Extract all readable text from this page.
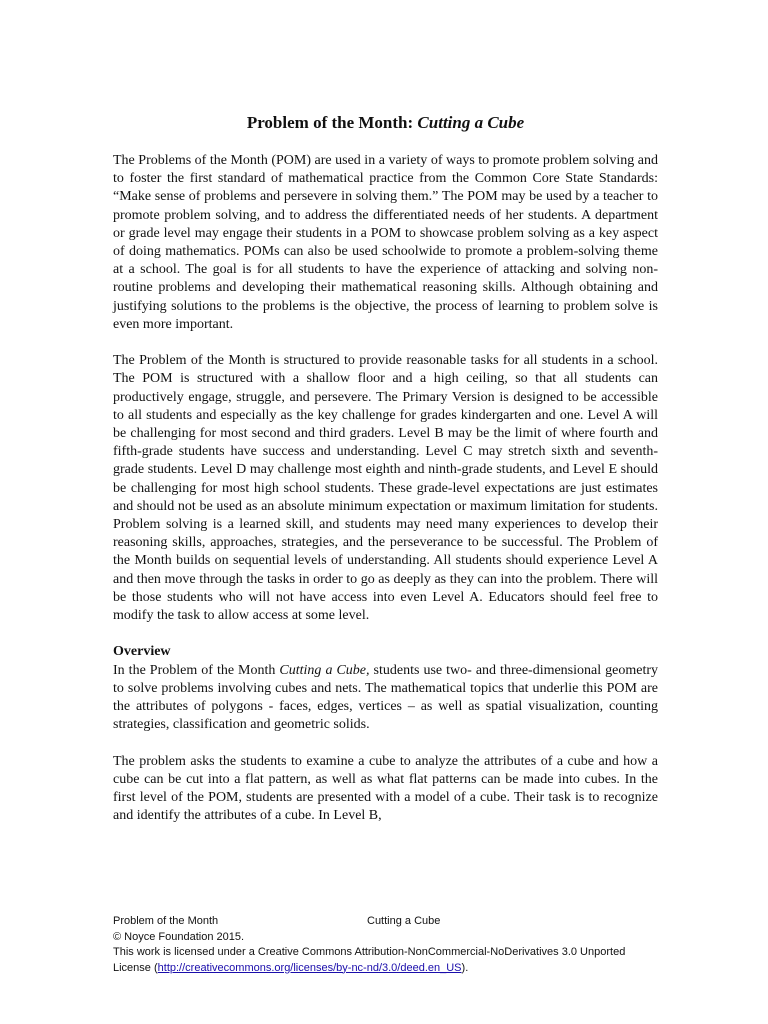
Problem of the Month: Cutting a Cube

The Problems of the Month (POM) are used in a variety of ways to promote problem solving and to foster the first standard of mathematical practice from the Common Core State Standards: “Make sense of problems and persevere in solving them.” The POM may be used by a teacher to promote problem solving, and to address the differentiated needs of her students. A department or grade level may engage their students in a POM to showcase problem solving as a key aspect of doing mathematics. POMs can also be used schoolwide to promote a problem-solving theme at a school. The goal is for all students to have the experience of attacking and solving non-routine problems and developing their mathematical reasoning skills. Although obtaining and justifying solutions to the problems is the objective, the process of learning to problem solve is even more important.

The Problem of the Month is structured to provide reasonable tasks for all students in a school. The POM is structured with a shallow floor and a high ceiling, so that all students can productively engage, struggle, and persevere. The Primary Version is designed to be accessible to all students and especially as the key challenge for grades kindergarten and one. Level A will be challenging for most second and third graders. Level B may be the limit of where fourth and fifth-grade students have success and understanding. Level C may stretch sixth and seventh-grade students. Level D may challenge most eighth and ninth-grade students, and Level E should be challenging for most high school students. These grade-level expectations are just estimates and should not be used as an absolute minimum expectation or maximum limitation for students. Problem solving is a learned skill, and students may need many experiences to develop their reasoning skills, approaches, strategies, and the perseverance to be successful. The Problem of the Month builds on sequential levels of understanding. All students should experience Level A and then move through the tasks in order to go as deeply as they can into the problem. There will be those students who will not have access into even Level A. Educators should feel free to modify the task to allow access at some level.

Overview

In the Problem of the Month Cutting a Cube, students use two- and three-dimensional geometry to solve problems involving cubes and nets. The mathematical topics that underlie this POM are the attributes of polygons - faces, edges, vertices – as well as spatial visualization, counting strategies, classification and geometric solids.

The problem asks the students to examine a cube to analyze the attributes of a cube and how a cube can be cut into a flat pattern, as well as what flat patterns can be made into cubes. In the first level of the POM, students are presented with a model of a cube. Their task is to recognize and identify the attributes of a cube. In Level B,

Problem of the Month	Cutting a Cube
© Noyce Foundation 2015.
This work is licensed under a Creative Commons Attribution-NonCommercial-NoDerivatives 3.0 Unported
License (http://creativecommons.org/licenses/by-nc-nd/3.0/deed.en_US).
